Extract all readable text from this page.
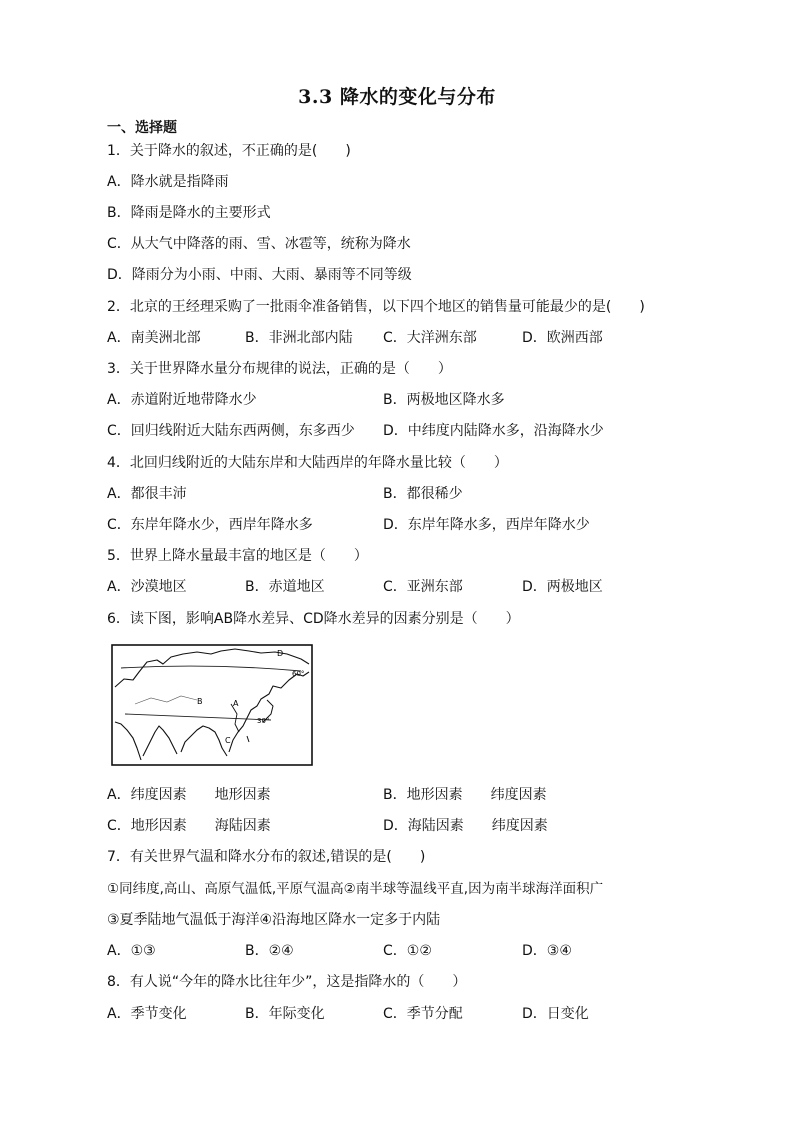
3.3 降水的变化与分布
一、选择题
1．关于降水的叙述，不正确的是(　　)
A．降水就是指降雨
B．降雨是降水的主要形式
C．从大气中降落的雨、雪、冰雹等，统称为降水
D．降雨分为小雨、中雨、大雨、暴雨等不同等级
2．北京的王经理采购了一批雨伞准备销售，以下四个地区的销售量可能最少的是(　　)
A．南美洲北部	B．非洲北部内陆 C．大洋洲东部	D．欧洲西部
3．关于世界降水量分布规律的说法，正确的是（　　）
A．赤道附近地带降水少	B．两极地区降水多
C．回归线附近大陆东西两侧，东多西少 D．中纬度内陆降水多，沿海降水少
4．北回归线附近的大陆东岸和大陆西岸的年降水量比较（　　）
A．都很丰沛	B．都很稀少
C．东岸年降水少，西岸年降水多	D．东岸年降水多，西岸年降水少
5．世界上降水量最丰富的地区是（　　）
A．沙漠地区	B．赤道地区	C．亚洲东部	D．两极地区
6．读下图，影响AB降水差异、CD降水差异的因素分别是（　　）
D
60°
B	A
30°
C
A．纬度因素　　地形因素	B．地形因素　　纬度因素
C．地形因素　　海陆因素	D．海陆因素　　纬度因素
7．有关世界气温和降水分布的叙述,错误的是(　　)
①同纬度,高山、高原气温低,平原气温高②南半球等温线平直,因为南半球海洋面积广
③夏季陆地气温低于海洋④沿海地区降水一定多于内陆
A．①③	B．②④	C．①②	D．③④
8．有人说“今年的降水比往年少”，这是指降水的（　　）
A．季节变化	B．年际变化	C．季节分配	D．日变化
